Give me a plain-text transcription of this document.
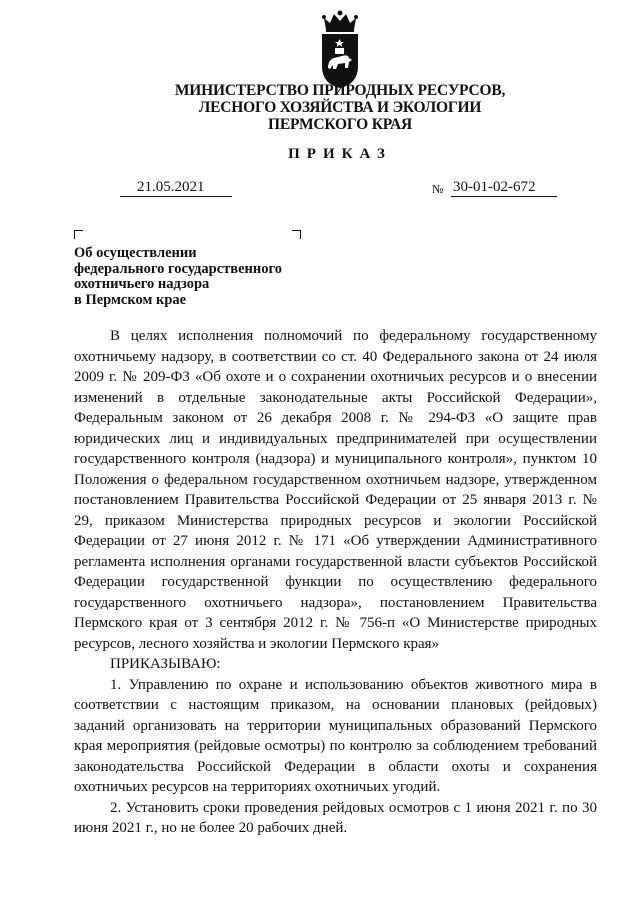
МИНИСТЕРСТВО ПРИРОДНЫХ РЕСУРСОВ,
ЛЕСНОГО ХОЗЯЙСТВА И ЭКОЛОГИИ
ПЕРМСКОГО КРАЯ
ПРИКАЗ
21.05.2021	№ 30-01-02-672
Об осуществлении
федерального государственного
охотничьего надзора
в Пермском крае

В целях исполнения полномочий по федеральному государственному охотничьему надзору, в соответствии со ст. 40 Федерального закона от 24 июля 2009 г. № 209-ФЗ «Об охоте и о сохранении охотничьих ресурсов и о внесении изменений в отдельные законодательные акты Российской Федерации», Федеральным законом от 26 декабря 2008 г. № 294-ФЗ «О защите прав юридических лиц и индивидуальных предпринимателей при осуществлении государственного контроля (надзора) и муниципального контроля», пунктом 10 Положения о федеральном государственном охотничьем надзоре, утвержденном постановлением Правительства Российской Федерации от 25 января 2013 г. № 29, приказом Министерства природных ресурсов и экологии Российской Федерации от 27 июня 2012 г. № 171 «Об утверждении Административного регламента исполнения органами государственной власти субъектов Российской Федерации государственной функции по осуществлению федерального государственного охотничьего надзора», постановлением Правительства Пермского края от 3 сентября 2012 г. № 756-п «О Министерстве природных ресурсов, лесного хозяйства и экологии Пермского края»

ПРИКАЗЫВАЮ:

1. Управлению по охране и использованию объектов животного мира в соответствии с настоящим приказом, на основании плановых (рейдовых) заданий организовать на территории муниципальных образований Пермского края мероприятия (рейдовые осмотры) по контролю за соблюдением требований законодательства Российской Федерации в области охоты и сохранения охотничьих ресурсов на территориях охотничьих угодий.

2. Установить сроки проведения рейдовых осмотров с 1 июня 2021 г. по 30 июня 2021 г., но не более 20 рабочих дней.
